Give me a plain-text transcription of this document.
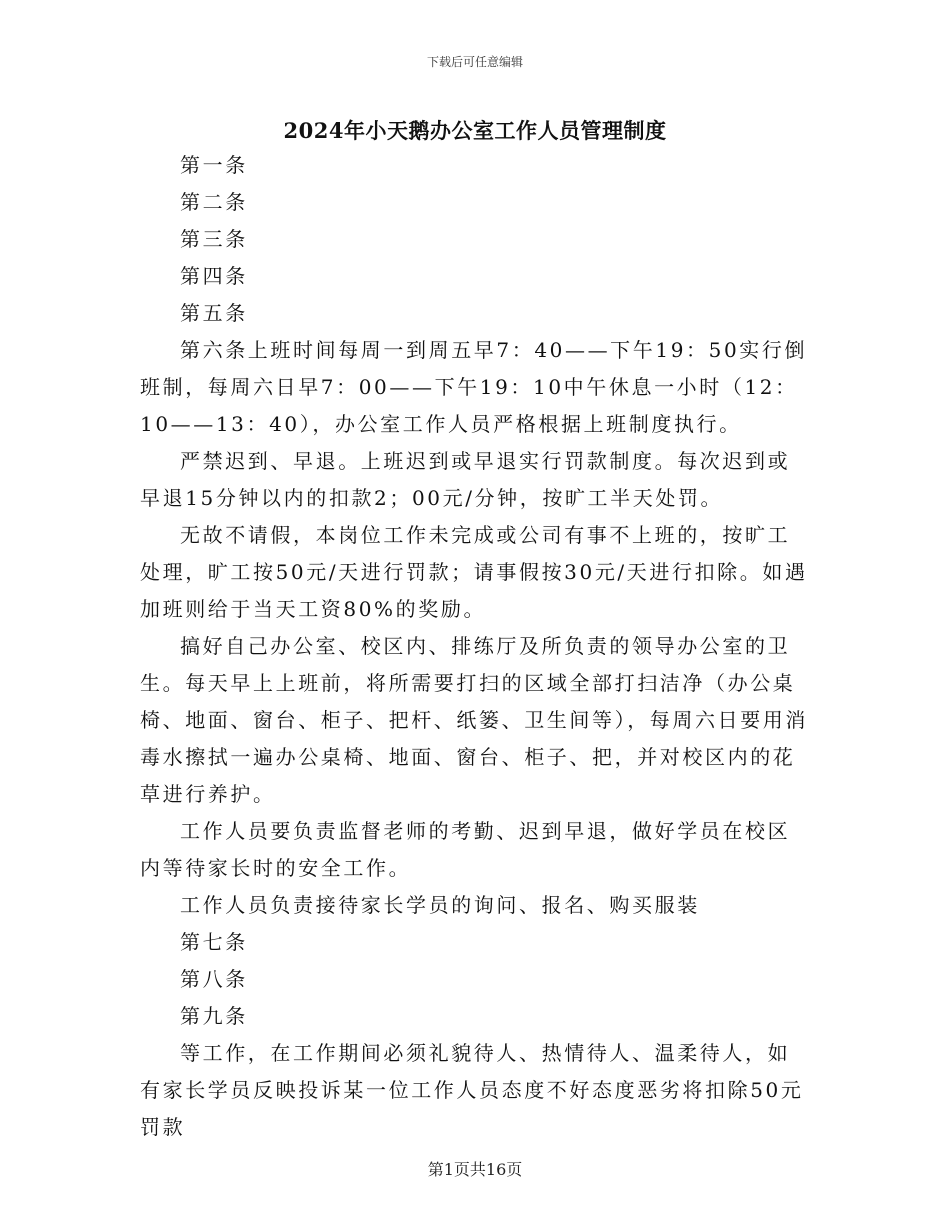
下载后可任意编辑
2024年小天鹅办公室工作人员管理制度

第一条

第二条

第三条

第四条

第五条

第六条上班时间每周一到周五早7：40——下午19：50实行倒班制，每周六日早7：00——下午19：10中午休息一小时（12：10——13：40），办公室工作人员严格根据上班制度执行。

严禁迟到、早退。上班迟到或早退实行罚款制度。每次迟到或早退15分钟以内的扣款2；00元/分钟，按旷工半天处罚。

无故不请假，本岗位工作未完成或公司有事不上班的，按旷工处理，旷工按50元/天进行罚款；请事假按30元/天进行扣除。如遇加班则给于当天工资80%的奖励。

搞好自己办公室、校区内、排练厅及所负责的领导办公室的卫生。每天早上上班前，将所需要打扫的区域全部打扫洁净（办公桌椅、地面、窗台、柜子、把杆、纸篓、卫生间等），每周六日要用消毒水擦拭一遍办公桌椅、地面、窗台、柜子、把，并对校区内的花草进行养护。

工作人员要负责监督老师的考勤、迟到早退，做好学员在校区内等待家长时的安全工作。

工作人员负责接待家长学员的询问、报名、购买服装

第七条

第八条

第九条

等工作，在工作期间必须礼貌待人、热情待人、温柔待人，如有家长学员反映投诉某一位工作人员态度不好态度恶劣将扣除50元罚款

第1页共16页
